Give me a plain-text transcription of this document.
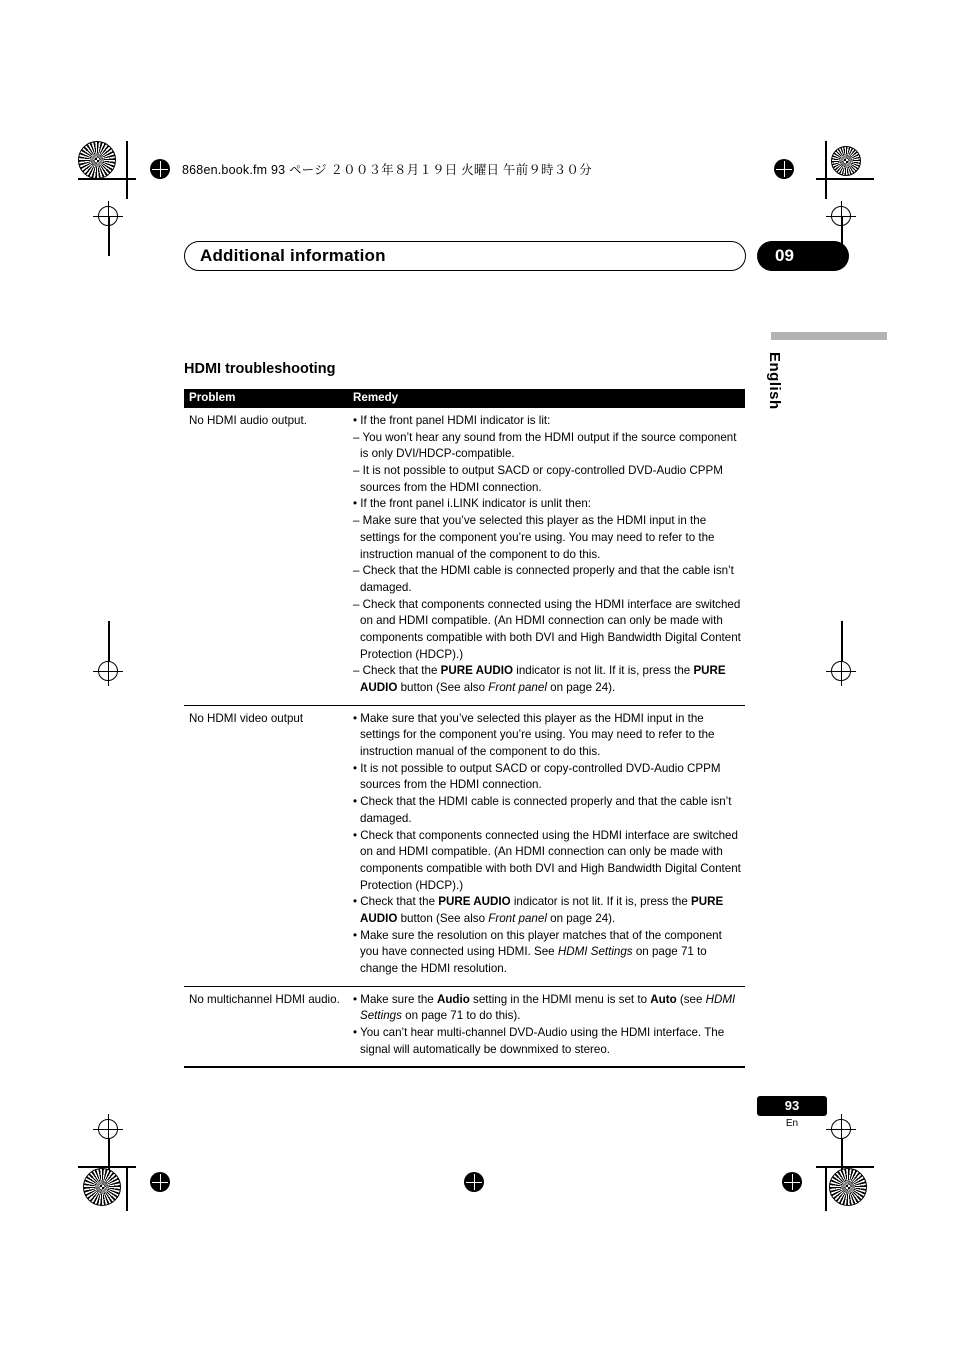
868en.book.fm 93 ページ ２００３年８月１９日 火曜日 午前９時３０分
Additional information	09
English
HDMI troubleshooting
Problem	Remedy
No HDMI audio output.	• If the front panel HDMI indicator is lit:

– You won’t hear any sound from the HDMI output if the source component is only DVI/HDCP-compatible.

– It is not possible to output SACD or copy-controlled DVD-Audio CPPM sources from the HDMI connection.

• If the front panel i.LINK indicator is unlit then:

– Make sure that you’ve selected this player as the HDMI input in the settings for the component you’re using. You may need to refer to the instruction manual of the component to do this.

– Check that the HDMI cable is connected properly and that the cable isn’t damaged.

– Check that components connected using the HDMI interface are switched on and HDMI compatible. (An HDMI connection can only be made with components compatible with both DVI and High Bandwidth Digital Content Protection (HDCP).)

– Check that the PURE AUDIO indicator is not lit. If it is, press the PURE AUDIO button (See also Front panel on page 24).

No HDMI video output	• Make sure that you’ve selected this player as the HDMI input in the settings for the component you’re using. You may need to refer to the instruction manual of the component to do this.

• It is not possible to output SACD or copy-controlled DVD-Audio CPPM sources from the HDMI connection.

• Check that the HDMI cable is connected properly and that the cable isn’t damaged.

• Check that components connected using the HDMI interface are switched on and HDMI compatible. (An HDMI connection can only be made with components compatible with both DVI and High Bandwidth Digital Content Protection (HDCP).)

• Check that the PURE AUDIO indicator is not lit. If it is, press the PURE AUDIO button (See also Front panel on page 24).

• Make sure the resolution on this player matches that of the component you have connected using HDMI. See HDMI Settings on page 71 to change the HDMI resolution.

No multichannel HDMI audio.	• Make sure the Audio setting in the HDMI menu is set to Auto (see HDMI Settings on page 71 to do this).

• You can’t hear multi-channel DVD-Audio using the HDMI interface. The signal will automatically be downmixed to stereo.

93
En
